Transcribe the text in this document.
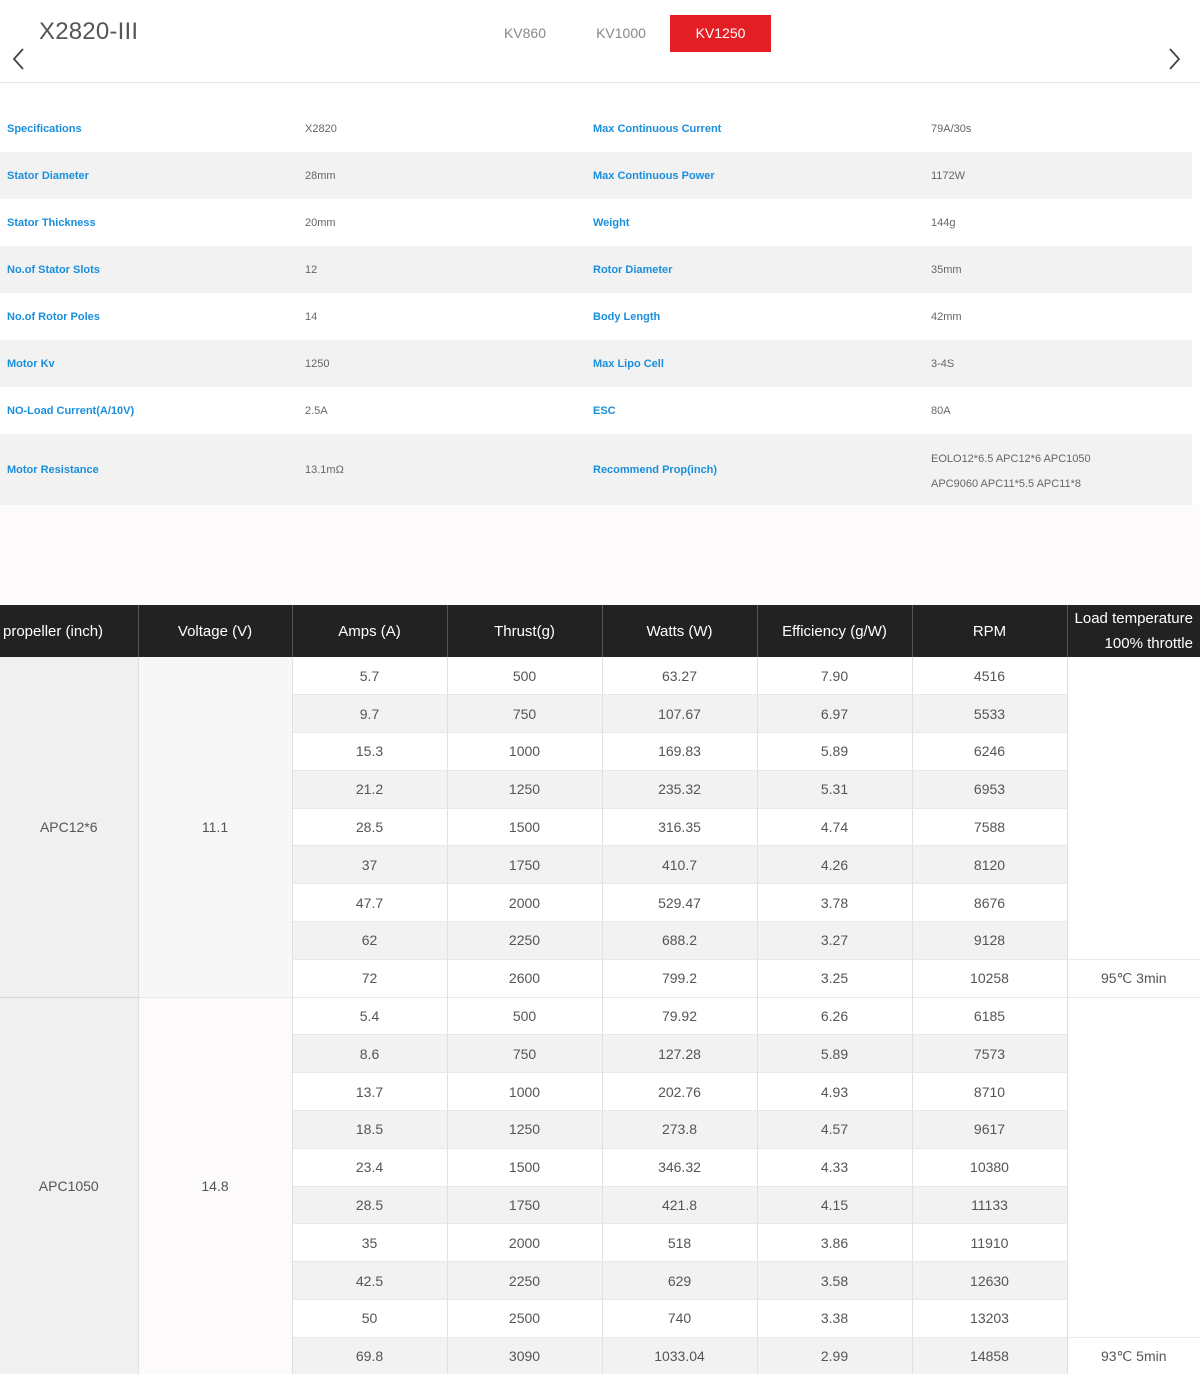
X2820-III	KV860	KV1000	KV1250
Specifications	X2820	Max Continuous Current	79A/30s
Stator Diameter	28mm	Max Continuous Power	1172W
Stator Thickness	20mm	Weight	144g
No.of Stator Slots	12	Rotor Diameter	35mm
No.of Rotor Poles	14	Body Length	42mm
Motor Kv	1250	Max Lipo Cell	3-4S
NO-Load Current(A/10V)	2.5A	ESC	80A
Motor Resistance	13.1mΩ	Recommend Prop(inch)
EOLO12*6.5 APC12*6 APC1050
APC9060 APC11*5.5 APC11*8
propeller (inch)	Voltage (V)	Amps (A)	Thrust(g)	Watts (W)	Efficiency (g/W)	RPM	Load temperature
100% throttle

APC12*6	11.1	5.7	500	63.27	7.90	4516	
		9.7	750	107.67	6.97	5533	
		15.3	1000	169.83	5.89	6246	
		21.2	1250	235.32	5.31	6953	
		28.5	1500	316.35	4.74	7588	
		37	1750	410.7	4.26	8120	
		47.7	2000	529.47	3.78	8676	
		62	2250	688.2	3.27	9128	
		72	2600	799.2	3.25	10258	95℃ 3min
APC1050	14.8	5.4	500	79.92	6.26	6185	
		8.6	750	127.28	5.89	7573	
		13.7	1000	202.76	4.93	8710	
		18.5	1250	273.8	4.57	9617	
		23.4	1500	346.32	4.33	10380	
		28.5	1750	421.8	4.15	11133	
		35	2000	518	3.86	11910	
		42.5	2250	629	3.58	12630	
		50	2500	740	3.38	13203	
		69.8	3090	1033.04	2.99	14858	93℃ 5min
